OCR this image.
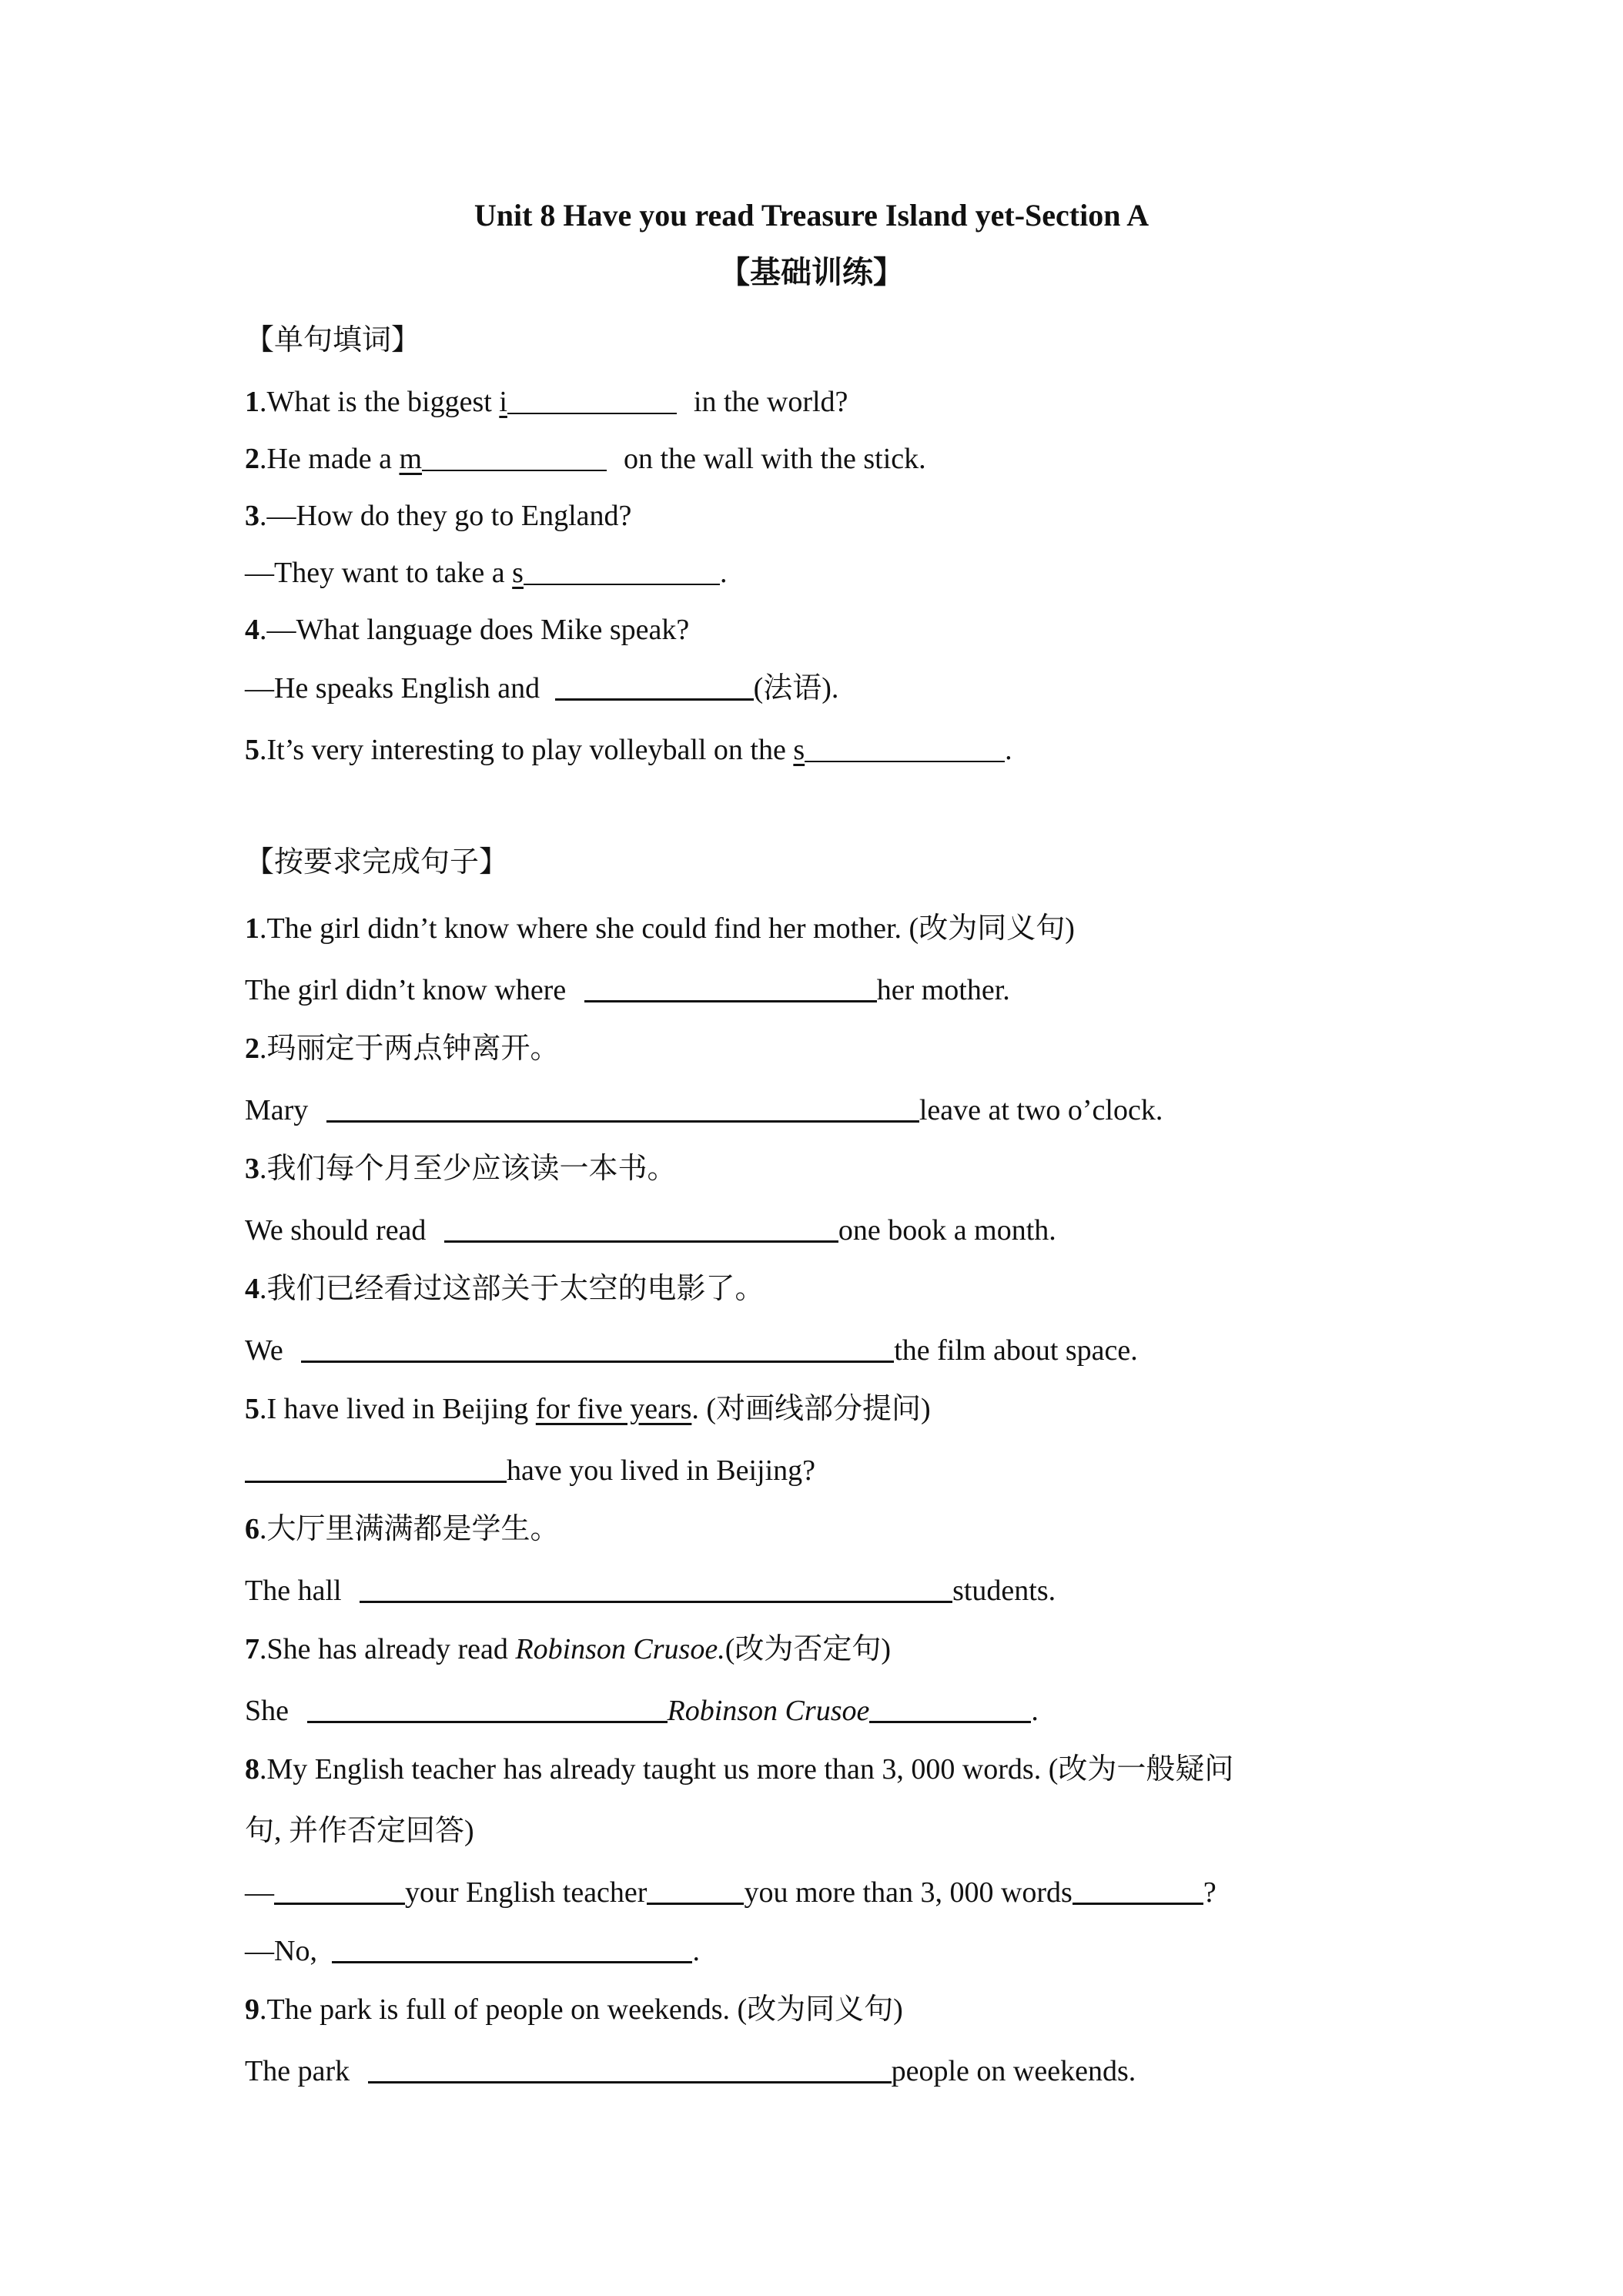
Unit 8 Have you read Treasure Island yet-Section A
【基础训练】
【单句填词】
1.What is the biggest i	in the world?
2.He made a m	on the wall with the stick.
3.—How do they go to England?
—They want to take a s	.
4.—What language does Mike speak?
—He speaks English and	(法语).
5.It’s very interesting to play volleyball on the s	.
【按要求完成句子】
1.The girl didn’t know where she could find her mother. (改为同义句)
The girl didn’t know where	her mother.
2.玛丽定于两点钟离开。
Mary	leave at two o’clock.
3.我们每个月至少应该读一本书。
We should read	one book a month.
4.我们已经看过这部关于太空的电影了。
We	the film about space.
5.I have lived in Beijing for five years. (对画线部分提问)
have you lived in Beijing?
6.大厅里满满都是学生。
The hall	students.
7.She has already read Robinson Crusoe.(改为否定句)
She	Robinson Crusoe	.
8.My English teacher has already taught us more than 3, 000 words. (改为一般疑问
句, 并作否定回答)
—	your English teacher	you more than 3, 000 words	?
—No,	.
9.The park is full of people on weekends. (改为同义句)
The park	people on weekends.
